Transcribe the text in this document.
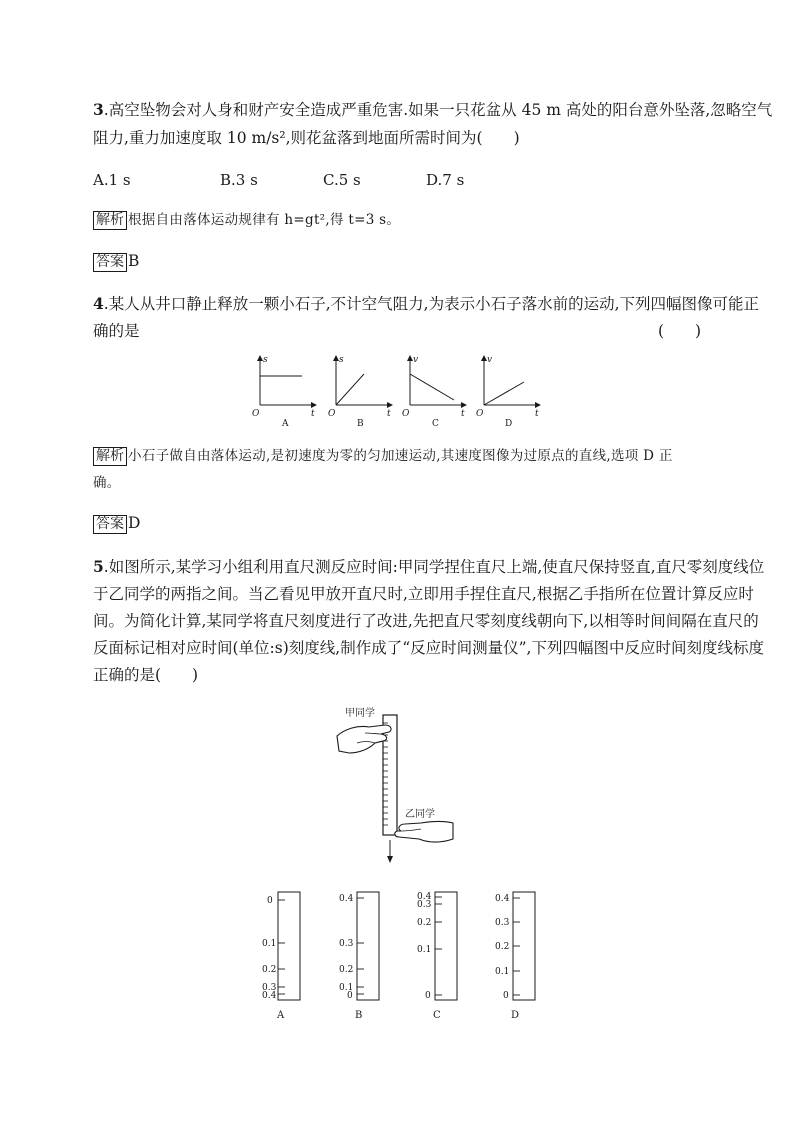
3.高空坠物会对人身和财产安全造成严重危害.如果一只花盆从 45 m 高处的阳台意外坠落,忽略空气
阻力,重力加速度取 10 m/s²,则花盆落到地面所需时间为(　　)
A.1 s	B.3 s	C.5 s	D.7 s
解析 根据自由落体运动规律有 h=gt²,得 t=3 s。
答案 B
4.某人从井口静止释放一颗小石子,不计空气阻力,为表示小石子落水前的运动,下列四幅图像可能正
确的是	(　　)
s
t
O
A
s
t
O
B
v
t
O
C
v
t
O
D
解析 小石子做自由落体运动,是初速度为零的匀加速运动,其速度图像为过原点的直线,选项 D 正
确。
答案 D
5.如图所示,某学习小组利用直尺测反应时间:甲同学捏住直尺上端,使直尺保持竖直,直尺零刻度线位
于乙同学的两指之间。当乙看见甲放开直尺时,立即用手捏住直尺,根据乙手指所在位置计算反应时
间。为简化计算,某同学将直尺刻度进行了改进,先把直尺零刻度线朝向下,以相等时间间隔在直尺的
反面标记相对应时间(单位:s)刻度线,制作成了“反应时间测量仪”,下列四幅图中反应时间刻度线标度
正确的是(　　)
甲同学
乙同学
0
0.1
0.2
0.3
0.4
A
0.4
0.3
0.2
0.1
0
B
0.4
0.3
0.2
0.1
0
C
0.4
0.3
0.2
0.1
0
D
